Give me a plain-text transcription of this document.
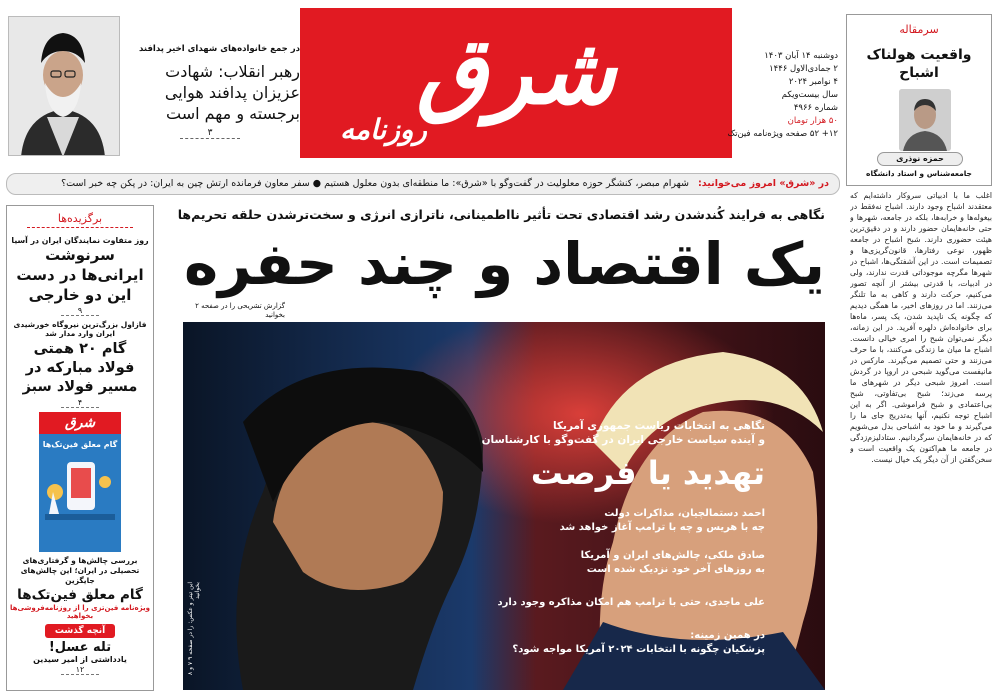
شرق
روزنامه
دوشنبه ۱۴ آبان ۱۴۰۳
۲ جمادی‌الاول ۱۴۴۶
۴ نوامبر ۲۰۲۴
سال بیست‌ویکم
شماره ۴۹۶۶
۵۰ هزار تومان
۱۲+ ۵۲ صفحه ویژه‌نامه فین‌تک
در جمع خانواده‌های شهدای اخیر پدافند
رهبر انقلاب: شهادت عزیزان پدافند هوایی برجسته و مهم است
۳
سرمقاله
واقعیت هولناک اشباح
حمزه نوذری
جامعه‌شناس و استاد دانشگاه
در «شرق» امروز می‌خوانید: شهرام مبصر، کنشگر حوزه معلولیت در گفت‌وگو با «شرق»: ما منطقه‌ای بدون معلول هستیم ● سفر معاون فرمانده ارتش چین به ایران: در پکن چه خبر است؟
برگزیده‌ها
روز متفاوت نمایندگان ایران در آسیا
سرنوشت ایرانی‌ها در دست این دو خارجی
۹
فازاول بزرگ‌ترین نیروگاه خورشیدی ایران وارد مدار شد
گام ۲۰ همتی فولاد مبارکه در مسیر فولاد سبز
۴
شرق
گام معلق فین‌تک‌ها
بررسی چالش‌ها و گرفتاری‌های تحصیلی در ایران؛ این چالش‌های جایگزین
گام معلق فین‌تک‌ها
ویژه‌نامه فین‌تزی را از روزنامه‌فروشی‌ها بخواهید
آنچه گذشت
تله عسل!
یادداشتی از امیر سیدین
۱۲
اغلب ما با ادبیاتی سروکار داشته‌ایم که معتقدند اشباح وجود دارند. اشباح نه‌فقط در بیغوله‌ها و خرابه‌ها، بلکه در جامعه، شهرها و حتی خانه‌هایمان حضور دارند و در دقیق‌ترین هیئت حضوری دارند. شبح اشباح در جامعه ظهور، نوعی رفتارها، قانون‌گریزی‌ها و تصمیمات است. در این آشفتگی‌ها، اشباح در شهرها مگرچه موجوداتی قدرت ندارند، ولی در ادبیات، با قدرتی بیشتر از آنچه تصور می‌کنیم، حرکت دارند و کاهی به ما تلنگر می‌زنند. اما در روزهای اخیر، ما همگی دیدیم که چگونه یک ناپدید شدن، یک پسر، ماه‌ها برای خانواده‌اش دلهره آفرید. در این زمانه، دیگر نمی‌توان شبح را امری خیالی دانست. اشباح ما میان ما زندگی می‌کنند، با ما حرف می‌زنند و حتی تصمیم می‌گیرند. مارکس در مانیفست می‌گوید شبحی در اروپا در گردش است. امروز شبحی دیگر در شهرهای ما پرسه می‌زند؛ شبح بی‌تفاوتی، شبح بی‌اعتمادی و شبح فراموشی. اگر به این اشباح توجه نکنیم، آنها به‌تدریج جای ما را می‌گیرند و ما خود به اشباحی بدل می‌شویم که در خانه‌هایمان سرگردانیم. ستادلیزم‌زدگی در جامعه ما هم‌اکنون یک واقعیت است و سخن‌گفتن از آن دیگر یک خیال نیست.
نگاهی به فرایند کُندشدن رشد اقتصادی تحت تأثیر نااطمینانی، ناترازی انرژی و سخت‌ترشدن حلقه تحریم‌ها
یک اقتصاد و چند حفره
گزارش تشریحی را در صفحه ۲ بخوانید
نگاهی به انتخابات ریاست جمهوری آمریکا
و آینده سیاست خارجی ایران در گفت‌وگو با کارشناسان
تهدید یا فرصت
احمد دستمالچیان، مذاکرات دولت
چه با هریس و چه با ترامپ آغاز خواهد شد
صادق ملکی، چالش‌های ایران و آمریکا
به روزهای آخر خود نزدیک شده است
علی ماجدی، حتی با ترامپ هم امکان مذاکره وجود دارد
در همین زمینه:
پزشکیان چگونه با انتخابات ۲۰۲۴ آمریکا مواجه شود؟
این تیتر و عکس: را در صفحه ۹ ۷ و ۸ بخوانید
